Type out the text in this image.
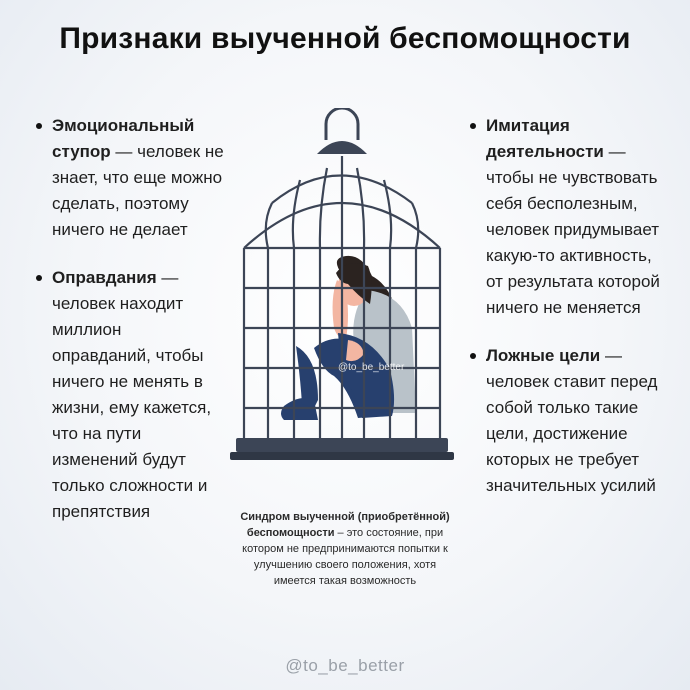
Признаки выученной беспомощности
Эмоциональный ступор — человек не знает, что еще можно сделать, поэтому ничего не делает
Оправдания — человек находит миллион оправданий, чтобы ничего не менять в жизни, ему кажется, что на пути изменений будут только сложности и препятствия
Имитация деятельности — чтобы не чувствовать себя бесполезным, человек придумывает какую-то активность, от результата которой ничего не меняется
Ложные цели — человек ставит перед собой только такие цели, достижение которых не требует значительных усилий
@to_be_better
Синдром выученной (приобретённой) беспомощности – это состояние, при котором не предпринимаются попытки к улучшению своего положения, хотя имеется такая возможность
@to_be_better
